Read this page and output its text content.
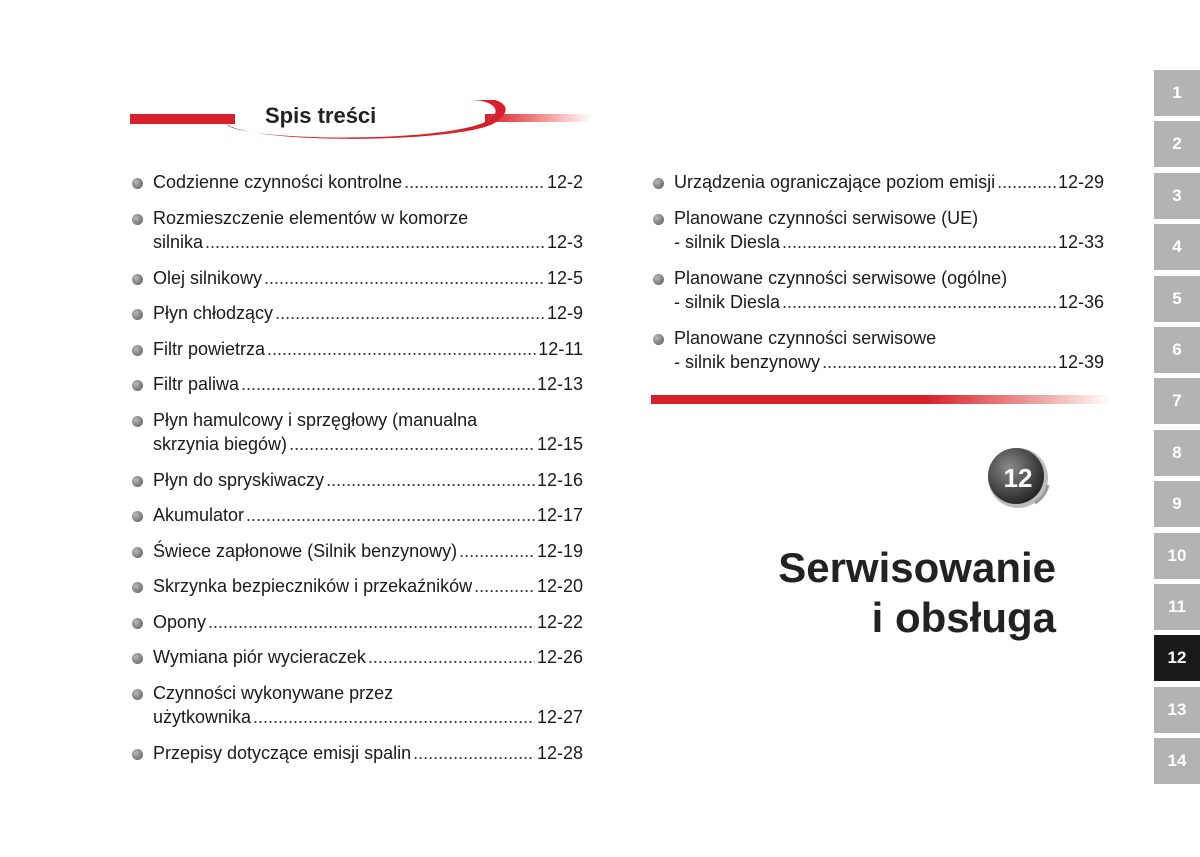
Spis treści
Codzienne czynności kontrolne .....	12-2
Rozmieszczenie elementów w komorze
silnika .....	12-3
Olej silnikowy .....	12-5
Płyn chłodzący .....	12-9
Filtr powietrza .....	12-11
Filtr paliwa .....	12-13
Płyn hamulcowy i sprzęgłowy (manualna
skrzynia biegów) .....	12-15
Płyn do spryskiwaczy .....	12-16
Akumulator .....	12-17
Świece zapłonowe (Silnik benzynowy) .....	12-19
Skrzynka bezpieczników i przekaźników .....	12-20
Opony .....	12-22
Wymiana piór wycieraczek .....	12-26
Czynności wykonywane przez
użytkownika .....	12-27
Przepisy dotyczące emisji spalin .....	12-28
Urządzenia ograniczające poziom emisji .....	12-29
Planowane czynności serwisowe (UE)
- silnik Diesla .....	12-33
Planowane czynności serwisowe (ogólne)
- silnik Diesla .....	12-36
Planowane czynności serwisowe
- silnik benzynowy .....	12-39
12
Serwisowanie
i obsługa
1
2
3
4
5
6
7
8
9
10
11
12
13
14
